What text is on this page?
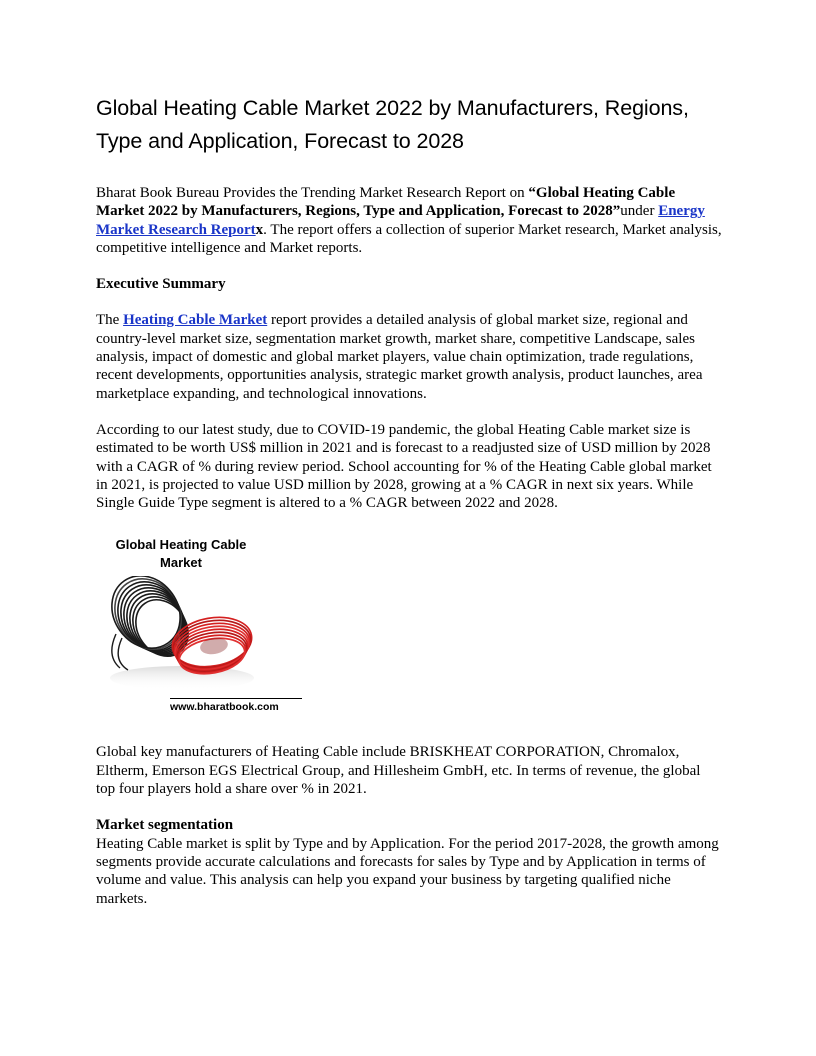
Global Heating Cable Market 2022 by Manufacturers, Regions, Type and Application, Forecast to 2028

Bharat Book Bureau Provides the Trending Market Research Report on “Global Heating Cable Market 2022 by Manufacturers, Regions, Type and Application, Forecast to 2028”under Energy Market Research Reportx. The report offers a collection of superior Market research, Market analysis, competitive intelligence and Market reports.

Executive Summary

The Heating Cable Market report provides a detailed analysis of global market size, regional and country-level market size, segmentation market growth, market share, competitive Landscape, sales analysis, impact of domestic and global market players, value chain optimization, trade regulations, recent developments, opportunities analysis, strategic market growth analysis, product launches, area marketplace expanding, and technological innovations.

According to our latest study, due to COVID-19 pandemic, the global Heating Cable market size is estimated to be worth US$ million in 2021 and is forecast to a readjusted size of USD million by 2028 with a CAGR of % during review period. School accounting for % of the Heating Cable global market in 2021, is projected to value USD million by 2028, growing at a % CAGR in next six years. While Single Guide Type segment is altered to a % CAGR between 2022 and 2028.

Global Heating Cable
Market
www.bharatbook.com

Global key manufacturers of Heating Cable include BRISKHEAT CORPORATION, Chromalox, Eltherm, Emerson EGS Electrical Group, and Hillesheim GmbH, etc. In terms of revenue, the global top four players hold a share over % in 2021.

Market segmentation

Heating Cable market is split by Type and by Application. For the period 2017-2028, the growth among segments provide accurate calculations and forecasts for sales by Type and by Application in terms of volume and value. This analysis can help you expand your business by targeting qualified niche markets.
